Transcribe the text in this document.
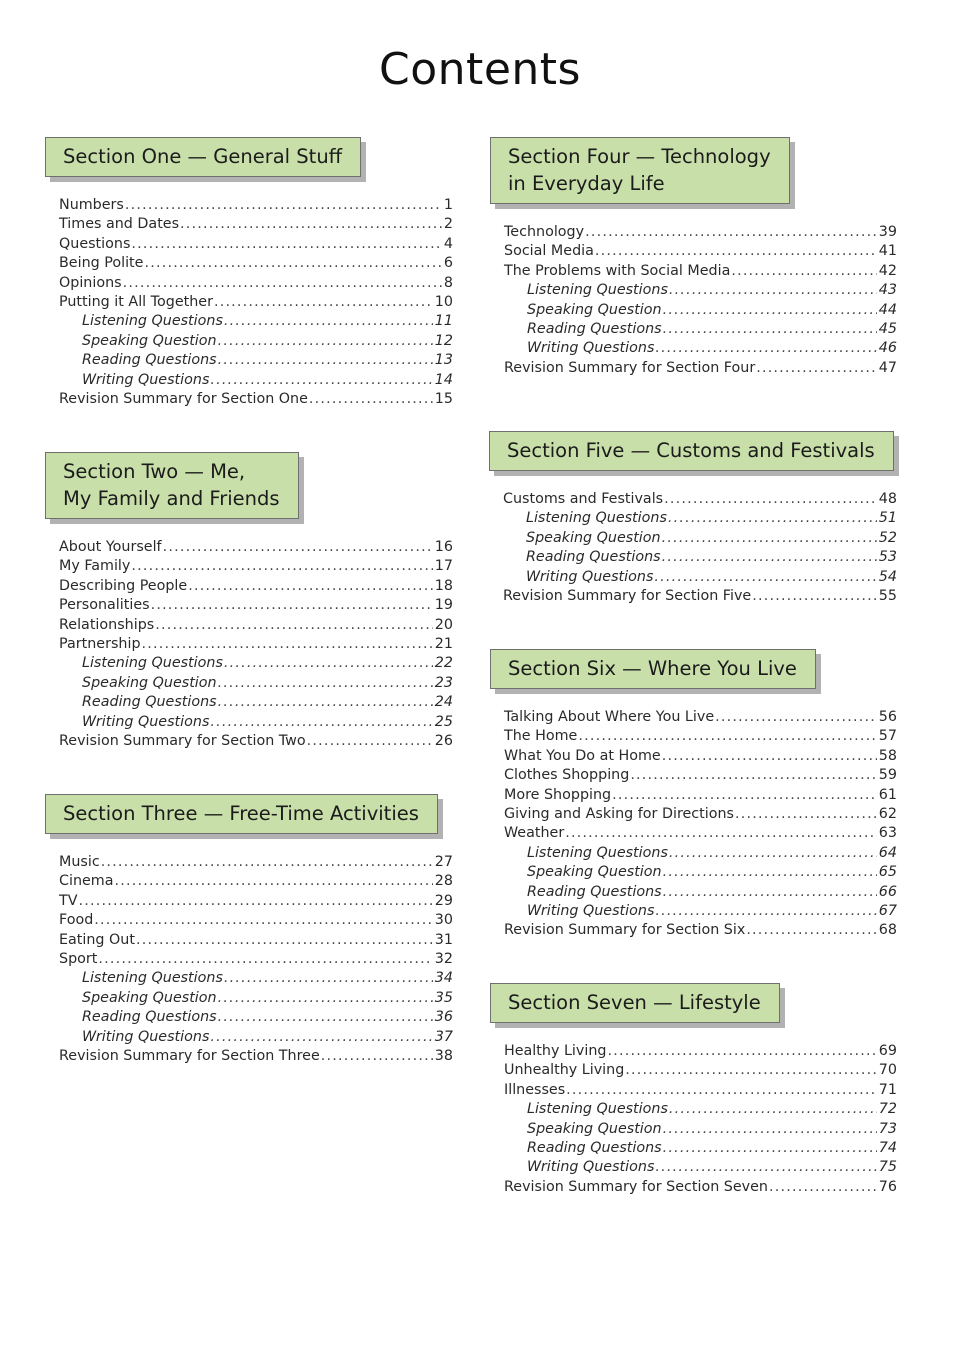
Contents
Section One — General Stuff
Numbers .....	1
Times and Dates .....	2
Questions .....	4
Being Polite .....	6
Opinions .....	8
Putting it All Together .....	10
Listening Questions .....	11
Speaking Question .....	12
Reading Questions .....	13
Writing Questions .....	14
Revision Summary for Section One .....	15
Section Two — Me,
My Family and Friends
About Yourself .....	16
My Family .....	17
Describing People .....	18
Personalities .....	19
Relationships .....	20
Partnership .....	21
Listening Questions .....	22
Speaking Question .....	23
Reading Questions .....	24
Writing Questions .....	25
Revision Summary for Section Two .....	26
Section Three — Free-Time Activities
Music .....	27
Cinema .....	28
TV .....	29
Food .....	30
Eating Out .....	31
Sport .....	32
Listening Questions .....	34
Speaking Question .....	35
Reading Questions .....	36
Writing Questions .....	37
Revision Summary for Section Three .....	38
Section Four — Technology
in Everyday Life
Technology .....	39
Social Media .....	41
The Problems with Social Media .....	42
Listening Questions .....	43
Speaking Question .....	44
Reading Questions .....	45
Writing Questions .....	46
Revision Summary for Section Four .....	47
Section Five — Customs and Festivals
Customs and Festivals .....	48
Listening Questions .....	51
Speaking Question .....	52
Reading Questions .....	53
Writing Questions .....	54
Revision Summary for Section Five .....	55
Section Six — Where You Live
Talking About Where You Live .....	56
The Home .....	57
What You Do at Home .....	58
Clothes Shopping .....	59
More Shopping .....	61
Giving and Asking for Directions .....	62
Weather .....	63
Listening Questions .....	64
Speaking Question .....	65
Reading Questions .....	66
Writing Questions .....	67
Revision Summary for Section Six .....	68
Section Seven — Lifestyle
Healthy Living .....	69
Unhealthy Living .....	70
Illnesses .....	71
Listening Questions .....	72
Speaking Question .....	73
Reading Questions .....	74
Writing Questions .....	75
Revision Summary for Section Seven .....	76
